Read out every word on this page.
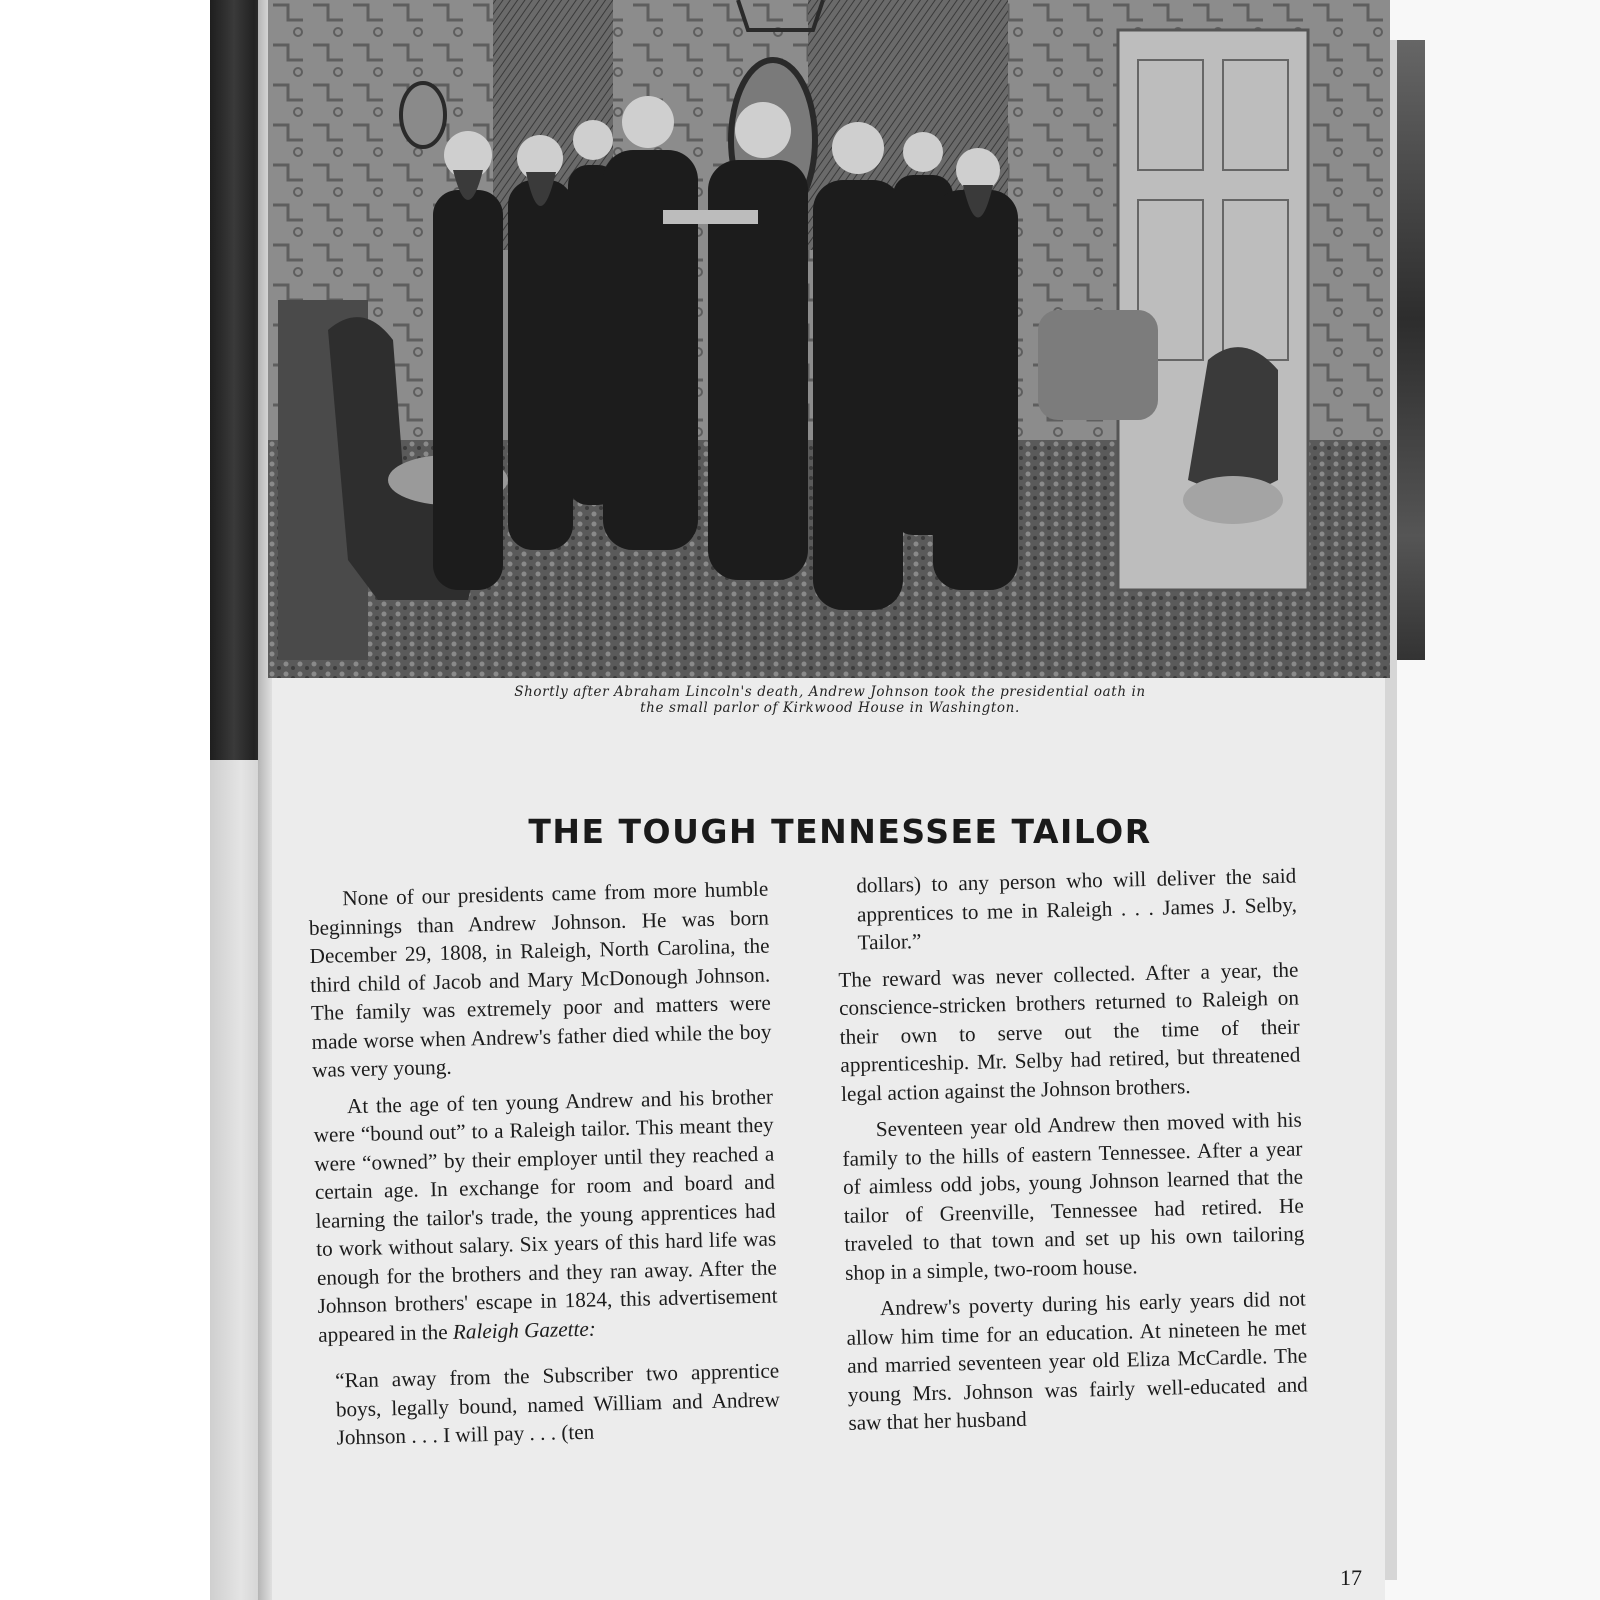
Shortly after Abraham Lincoln's death, Andrew Johnson took the presidential oath in
the small parlor of Kirkwood House in Washington.
THE TOUGH TENNESSEE TAILOR

None of our presidents came from more humble beginnings than Andrew Johnson. He was born December 29, 1808, in Raleigh, North Carolina, the third child of Jacob and Mary McDonough Johnson. The family was extremely poor and matters were made worse when Andrew's father died while the boy was very young.

At the age of ten young Andrew and his brother were “bound out” to a Raleigh tailor. This meant they were “owned” by their employer until they reached a certain age. In exchange for room and board and learning the tailor's trade, the young apprentices had to work without salary. Six years of this hard life was enough for the brothers and they ran away. After the Johnson brothers' escape in 1824, this advertisement appeared in the Raleigh Gazette:

“Ran away from the Subscriber two apprentice boys, legally bound, named William and Andrew Johnson . . . I will pay . . . (ten

dollars) to any person who will deliver the said apprentices to me in Raleigh . . . James J. Selby, Tailor.”

The reward was never collected. After a year, the conscience-stricken brothers returned to Raleigh on their own to serve out the time of their apprenticeship. Mr. Selby had retired, but threatened legal action against the Johnson brothers.

Seventeen year old Andrew then moved with his family to the hills of eastern Tennessee. After a year of aimless odd jobs, young Johnson learned that the tailor of Greenville, Tennessee had retired. He traveled to that town and set up his own tailoring shop in a simple, two-room house.

Andrew's poverty during his early years did not allow him time for an education. At nineteen he met and married seventeen year old Eliza McCardle. The young Mrs. Johnson was fairly well-educated and saw that her husband

17
